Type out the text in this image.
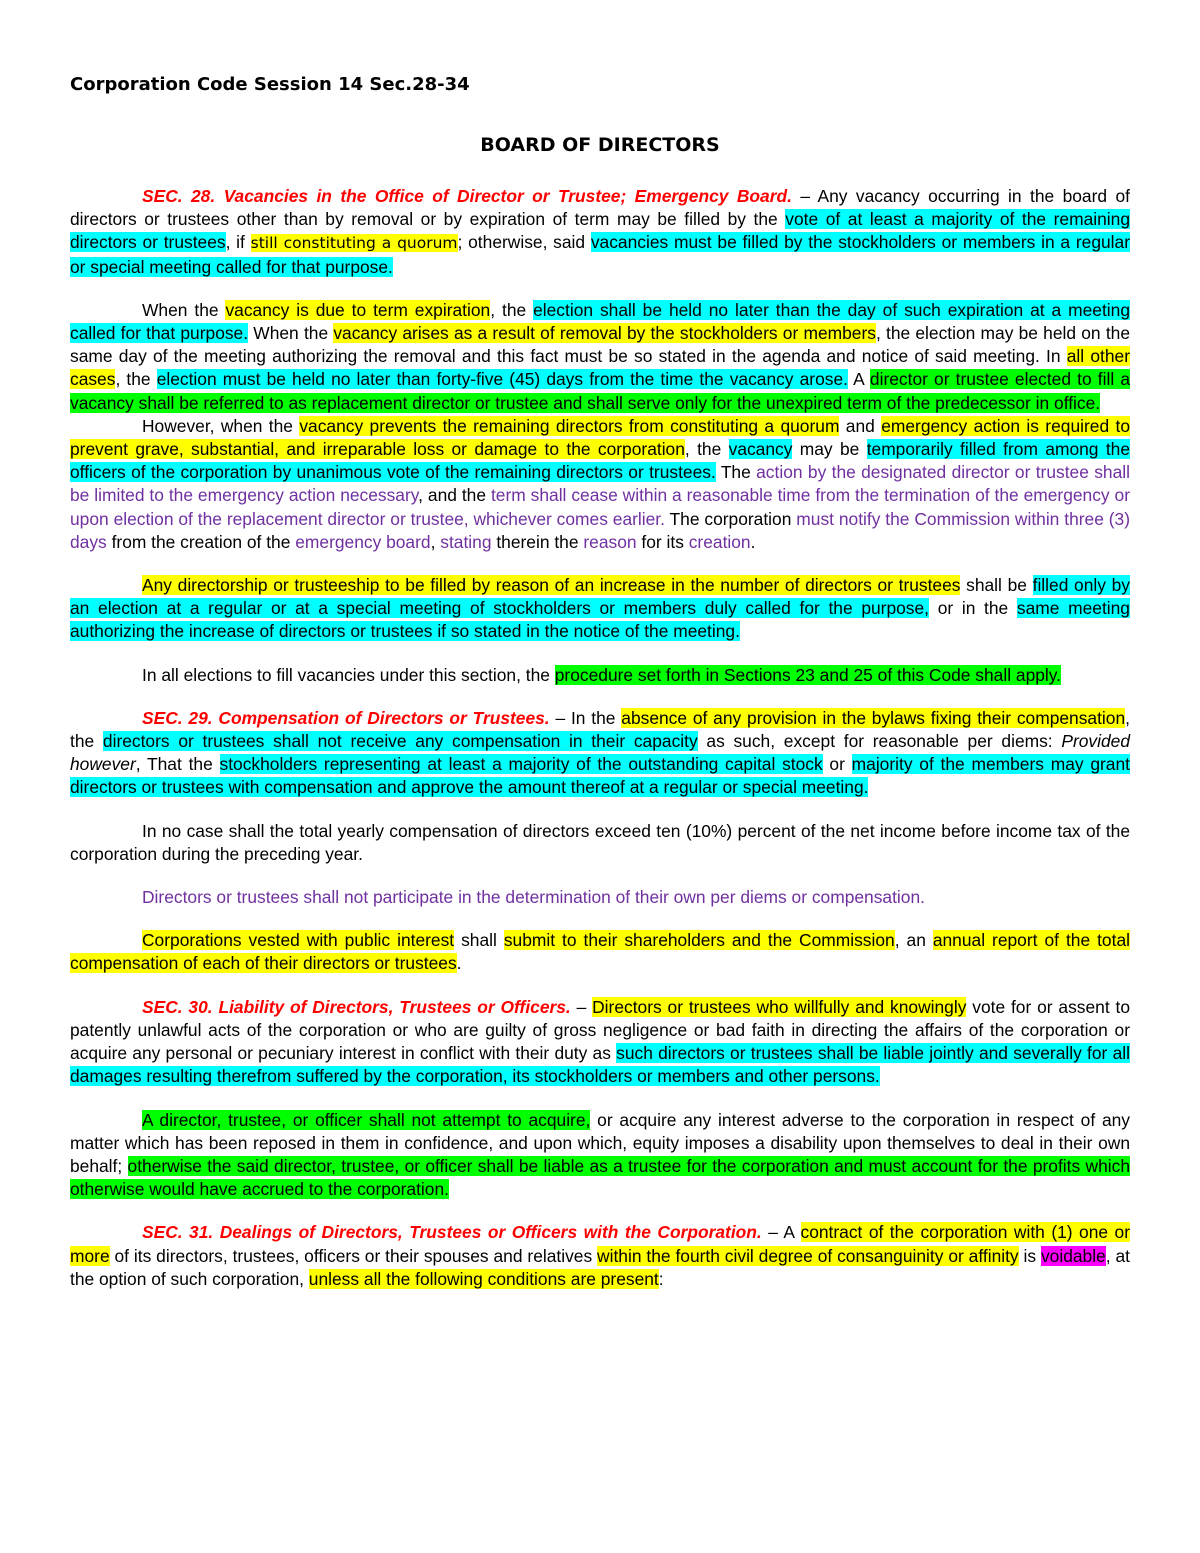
Corporation Code Session 14 Sec.28-34
BOARD OF DIRECTORS

SEC. 28. Vacancies in the Office of Director or Trustee; Emergency Board. – Any vacancy occurring in the board of directors or trustees other than by removal or by expiration of term may be filled by the vote of at least a majority of the remaining directors or trustees, if still constituting a quorum; otherwise, said vacancies must be filled by the stockholders or members in a regular or special meeting called for that purpose.

When the vacancy is due to term expiration, the election shall be held no later than the day of such expiration at a meeting called for that purpose. When the vacancy arises as a result of removal by the stockholders or members, the election may be held on the same day of the meeting authorizing the removal and this fact must be so stated in the agenda and notice of said meeting. In all other cases, the election must be held no later than forty-five (45) days from the time the vacancy arose. A director or trustee elected to fill a vacancy shall be referred to as replacement director or trustee and shall serve only for the unexpired term of the predecessor in office.

However, when the vacancy prevents the remaining directors from constituting a quorum and emergency action is required to prevent grave, substantial, and irreparable loss or damage to the corporation, the vacancy may be temporarily filled from among the officers of the corporation by unanimous vote of the remaining directors or trustees. The action by the designated director or trustee shall be limited to the emergency action necessary, and the term shall cease within a reasonable time from the termination of the emergency or upon election of the replacement director or trustee, whichever comes earlier. The corporation must notify the Commission within three (3) days from the creation of the emergency board, stating therein the reason for its creation.

Any directorship or trusteeship to be filled by reason of an increase in the number of directors or trustees shall be filled only by an election at a regular or at a special meeting of stockholders or members duly called for the purpose, or in the same meeting authorizing the increase of directors or trustees if so stated in the notice of the meeting.

In all elections to fill vacancies under this section, the procedure set forth in Sections 23 and 25 of this Code shall apply.

SEC. 29. Compensation of Directors or Trustees. – In the absence of any provision in the bylaws fixing their compensation, the directors or trustees shall not receive any compensation in their capacity as such, except for reasonable per diems: Provided however, That the stockholders representing at least a majority of the outstanding capital stock or majority of the members may grant directors or trustees with compensation and approve the amount thereof at a regular or special meeting.

In no case shall the total yearly compensation of directors exceed ten (10%) percent of the net income before income tax of the corporation during the preceding year.

Directors or trustees shall not participate in the determination of their own per diems or compensation.

Corporations vested with public interest shall submit to their shareholders and the Commission, an annual report of the total compensation of each of their directors or trustees.

SEC. 30. Liability of Directors, Trustees or Officers. – Directors or trustees who willfully and knowingly vote for or assent to patently unlawful acts of the corporation or who are guilty of gross negligence or bad faith in directing the affairs of the corporation or acquire any personal or pecuniary interest in conflict with their duty as such directors or trustees shall be liable jointly and severally for all damages resulting therefrom suffered by the corporation, its stockholders or members and other persons.

A director, trustee, or officer shall not attempt to acquire, or acquire any interest adverse to the corporation in respect of any matter which has been reposed in them in confidence, and upon which, equity imposes a disability upon themselves to deal in their own behalf; otherwise the said director, trustee, or officer shall be liable as a trustee for the corporation and must account for the profits which otherwise would have accrued to the corporation.

SEC. 31. Dealings of Directors, Trustees or Officers with the Corporation. – A contract of the corporation with (1) one or more of its directors, trustees, officers or their spouses and relatives within the fourth civil degree of consanguinity or affinity is voidable, at the option of such corporation, unless all the following conditions are present:
